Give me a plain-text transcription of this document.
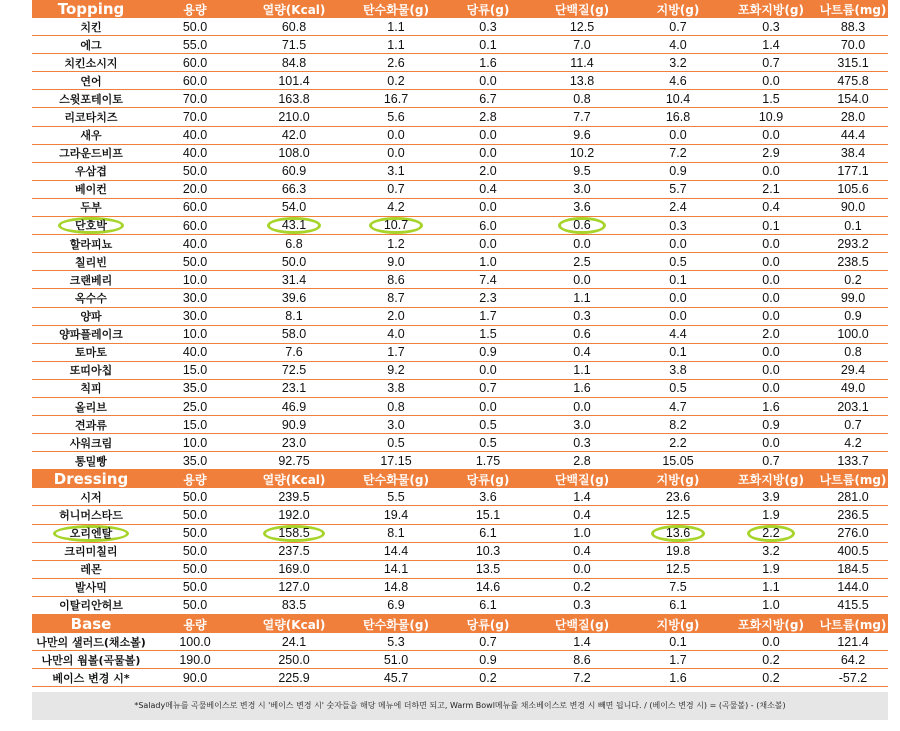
Topping	용량	열량(Kcal)	탄수화물(g)	당류(g)	단백질(g)	지방(g)	포화지방(g)	나트륨(mg)
치킨	50.0	60.8	1.1	0.3	12.5	0.7	0.3	88.3
에그	55.0	71.5	1.1	0.1	7.0	4.0	1.4	70.0
치킨소시지	60.0	84.8	2.6	1.6	11.4	3.2	0.7	315.1
연어	60.0	101.4	0.2	0.0	13.8	4.6	0.0	475.8
스윗포테이토	70.0	163.8	16.7	6.7	0.8	10.4	1.5	154.0
리코타치즈	70.0	210.0	5.6	2.8	7.7	16.8	10.9	28.0
새우	40.0	42.0	0.0	0.0	9.6	0.0	0.0	44.4
그라운드비프	40.0	108.0	0.0	0.0	10.2	7.2	2.9	38.4
우삼겹	50.0	60.9	3.1	2.0	9.5	0.9	0.0	177.1
베이컨	20.0	66.3	0.7	0.4	3.0	5.7	2.1	105.6
두부	60.0	54.0	4.2	0.0	3.6	2.4	0.4	90.0
단호박	60.0	43.1	10.7	6.0	0.6	0.3	0.1	0.1
할라피뇨	40.0	6.8	1.2	0.0	0.0	0.0	0.0	293.2
칠리빈	50.0	50.0	9.0	1.0	2.5	0.5	0.0	238.5
크랜베리	10.0	31.4	8.6	7.4	0.0	0.1	0.0	0.2
옥수수	30.0	39.6	8.7	2.3	1.1	0.0	0.0	99.0
양파	30.0	8.1	2.0	1.7	0.3	0.0	0.0	0.9
양파플레이크	10.0	58.0	4.0	1.5	0.6	4.4	2.0	100.0
토마토	40.0	7.6	1.7	0.9	0.4	0.1	0.0	0.8
또띠아칩	15.0	72.5	9.2	0.0	1.1	3.8	0.0	29.4
칙피	35.0	23.1	3.8	0.7	1.6	0.5	0.0	49.0
올리브	25.0	46.9	0.8	0.0	0.0	4.7	1.6	203.1
견과류	15.0	90.9	3.0	0.5	3.0	8.2	0.9	0.7
사워크림	10.0	23.0	0.5	0.5	0.3	2.2	0.0	4.2
통밀빵	35.0	92.75	17.15	1.75	2.8	15.05	0.7	133.7
Dressing	용량	열량(Kcal)	탄수화물(g)	당류(g)	단백질(g)	지방(g)	포화지방(g)	나트륨(mg)
시저	50.0	239.5	5.5	3.6	1.4	23.6	3.9	281.0
허니머스타드	50.0	192.0	19.4	15.1	0.4	12.5	1.9	236.5
오리엔탈	50.0	158.5	8.1	6.1	1.0	13.6	2.2	276.0
크리미칠리	50.0	237.5	14.4	10.3	0.4	19.8	3.2	400.5
레몬	50.0	169.0	14.1	13.5	0.0	12.5	1.9	184.5
발사믹	50.0	127.0	14.8	14.6	0.2	7.5	1.1	144.0
이탈리안허브	50.0	83.5	6.9	6.1	0.3	6.1	1.0	415.5
Base	용량	열량(Kcal)	탄수화물(g)	당류(g)	단백질(g)	지방(g)	포화지방(g)	나트륨(mg)
나만의 샐러드(채소볼)	100.0	24.1	5.3	0.7	1.4	0.1	0.0	121.4
나만의 웜볼(곡물볼)	190.0	250.0	51.0	0.9	8.6	1.7	0.2	64.2
베이스 변경 시*	90.0	225.9	45.7	0.2	7.2	1.6	0.2	-57.2
*Salady메뉴를 곡물베이스로 변경 시 '베이스 변경 시' 숫자들을 해당 메뉴에 더하면 되고, Warm Bowl메뉴를 채소베이스로 변경 시 빼면 됩니다. / (베이스 변경 시) = (곡물볼) - (채소볼)
